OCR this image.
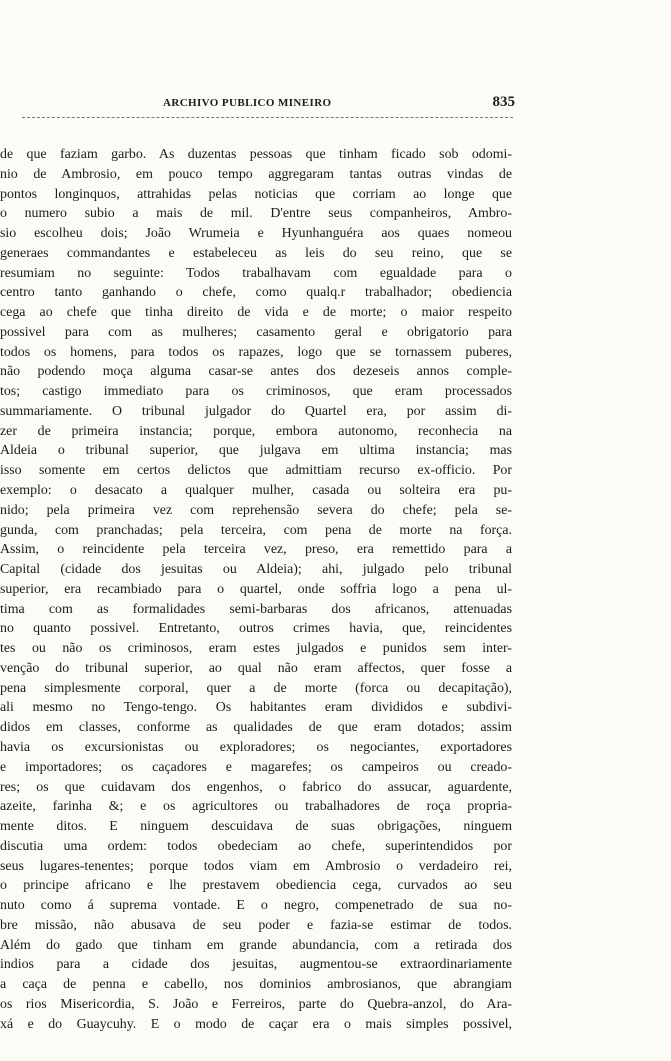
ARCHIVO PUBLICO MINEIRO	835
de que faziam garbo. As duzentas pessoas que tinham ficado sob odomi-
nio de Ambrosio, em pouco tempo aggregaram tantas outras vindas de
pontos longinquos, attrahidas pelas noticias que corriam ao longe que
o numero subio a mais de mil. D'entre seus companheiros, Ambro-
sio escolheu dois; João Wrumeia e Hyunhanguéra aos quaes nomeou
generaes commandantes e estabeleceu as leis do seu reino, que se
resumiam no seguinte: Todos trabalhavam com egualdade para o
centro tanto ganhando o chefe, como qualq.r trabalhador; obediencia
cega ao chefe que tinha direito de vida e de morte; o maior respeito
possivel para com as mulheres; casamento geral e obrigatorio para
todos os homens, para todos os rapazes, logo que se tornassem puberes,
não podendo moça alguma casar-se antes dos dezeseis annos comple-
tos; castigo immediato para os criminosos, que eram processados
summariamente. O tribunal julgador do Quartel era, por assim di-
zer de primeira instancia; porque, embora autonomo, reconhecia na
Aldeia o tribunal superior, que julgava em ultima instancia; mas
isso somente em certos delictos que admittiam recurso ex-officio. Por
exemplo: o desacato a qualquer mulher, casada ou solteira era pu-
nido; pela primeira vez com reprehensão severa do chefe; pela se-
gunda, com pranchadas; pela terceira, com pena de morte na força.
Assim, o reincidente pela terceira vez, preso, era remettido para a
Capital (cidade dos jesuitas ou Aldeia); ahi, julgado pelo tribunal
superior, era recambiado para o quartel, onde soffria logo a pena ul-
tima com as formalidades semi-barbaras dos africanos, attenuadas
no quanto possivel. Entretanto, outros crimes havia, que, reincidentes
tes ou não os criminosos, eram estes julgados e punidos sem inter-
venção do tribunal superior, ao qual não eram affectos, quer fosse a
pena simplesmente corporal, quer a de morte (forca ou decapitação),
ali mesmo no Tengo-tengo. Os habitantes eram divididos e subdivi-
didos em classes, conforme as qualidades de que eram dotados; assim
havia os excursionistas ou exploradores; os negociantes, exportadores
e importadores; os caçadores e magarefes; os campeiros ou creado-
res; os que cuidavam dos engenhos, o fabrico do assucar, aguardente,
azeite, farinha &; e os agricultores ou trabalhadores de roça propria-
mente ditos. E ninguem descuidava de suas obrigações, ninguem
discutia uma ordem: todos obedeciam ao chefe, superintendidos por
seus lugares-tenentes; porque todos viam em Ambrosio o verdadeiro rei,
o principe africano e lhe prestavem obediencia cega, curvados ao seu
nuto como á suprema vontade. E o negro, compenetrado de sua no-
bre missão, não abusava de seu poder e fazia-se estimar de todos.
Além do gado que tinham em grande abundancia, com a retirada dos
indios para a cidade dos jesuitas, augmentou-se extraordinariamente
a caça de penna e cabello, nos dominios ambrosianos, que abrangiam
os rios Misericordia, S. João e Ferreiros, parte do Quebra-anzol, do Ara-
xá e do Guaycuhy. E o modo de caçar era o mais simples possivel,
